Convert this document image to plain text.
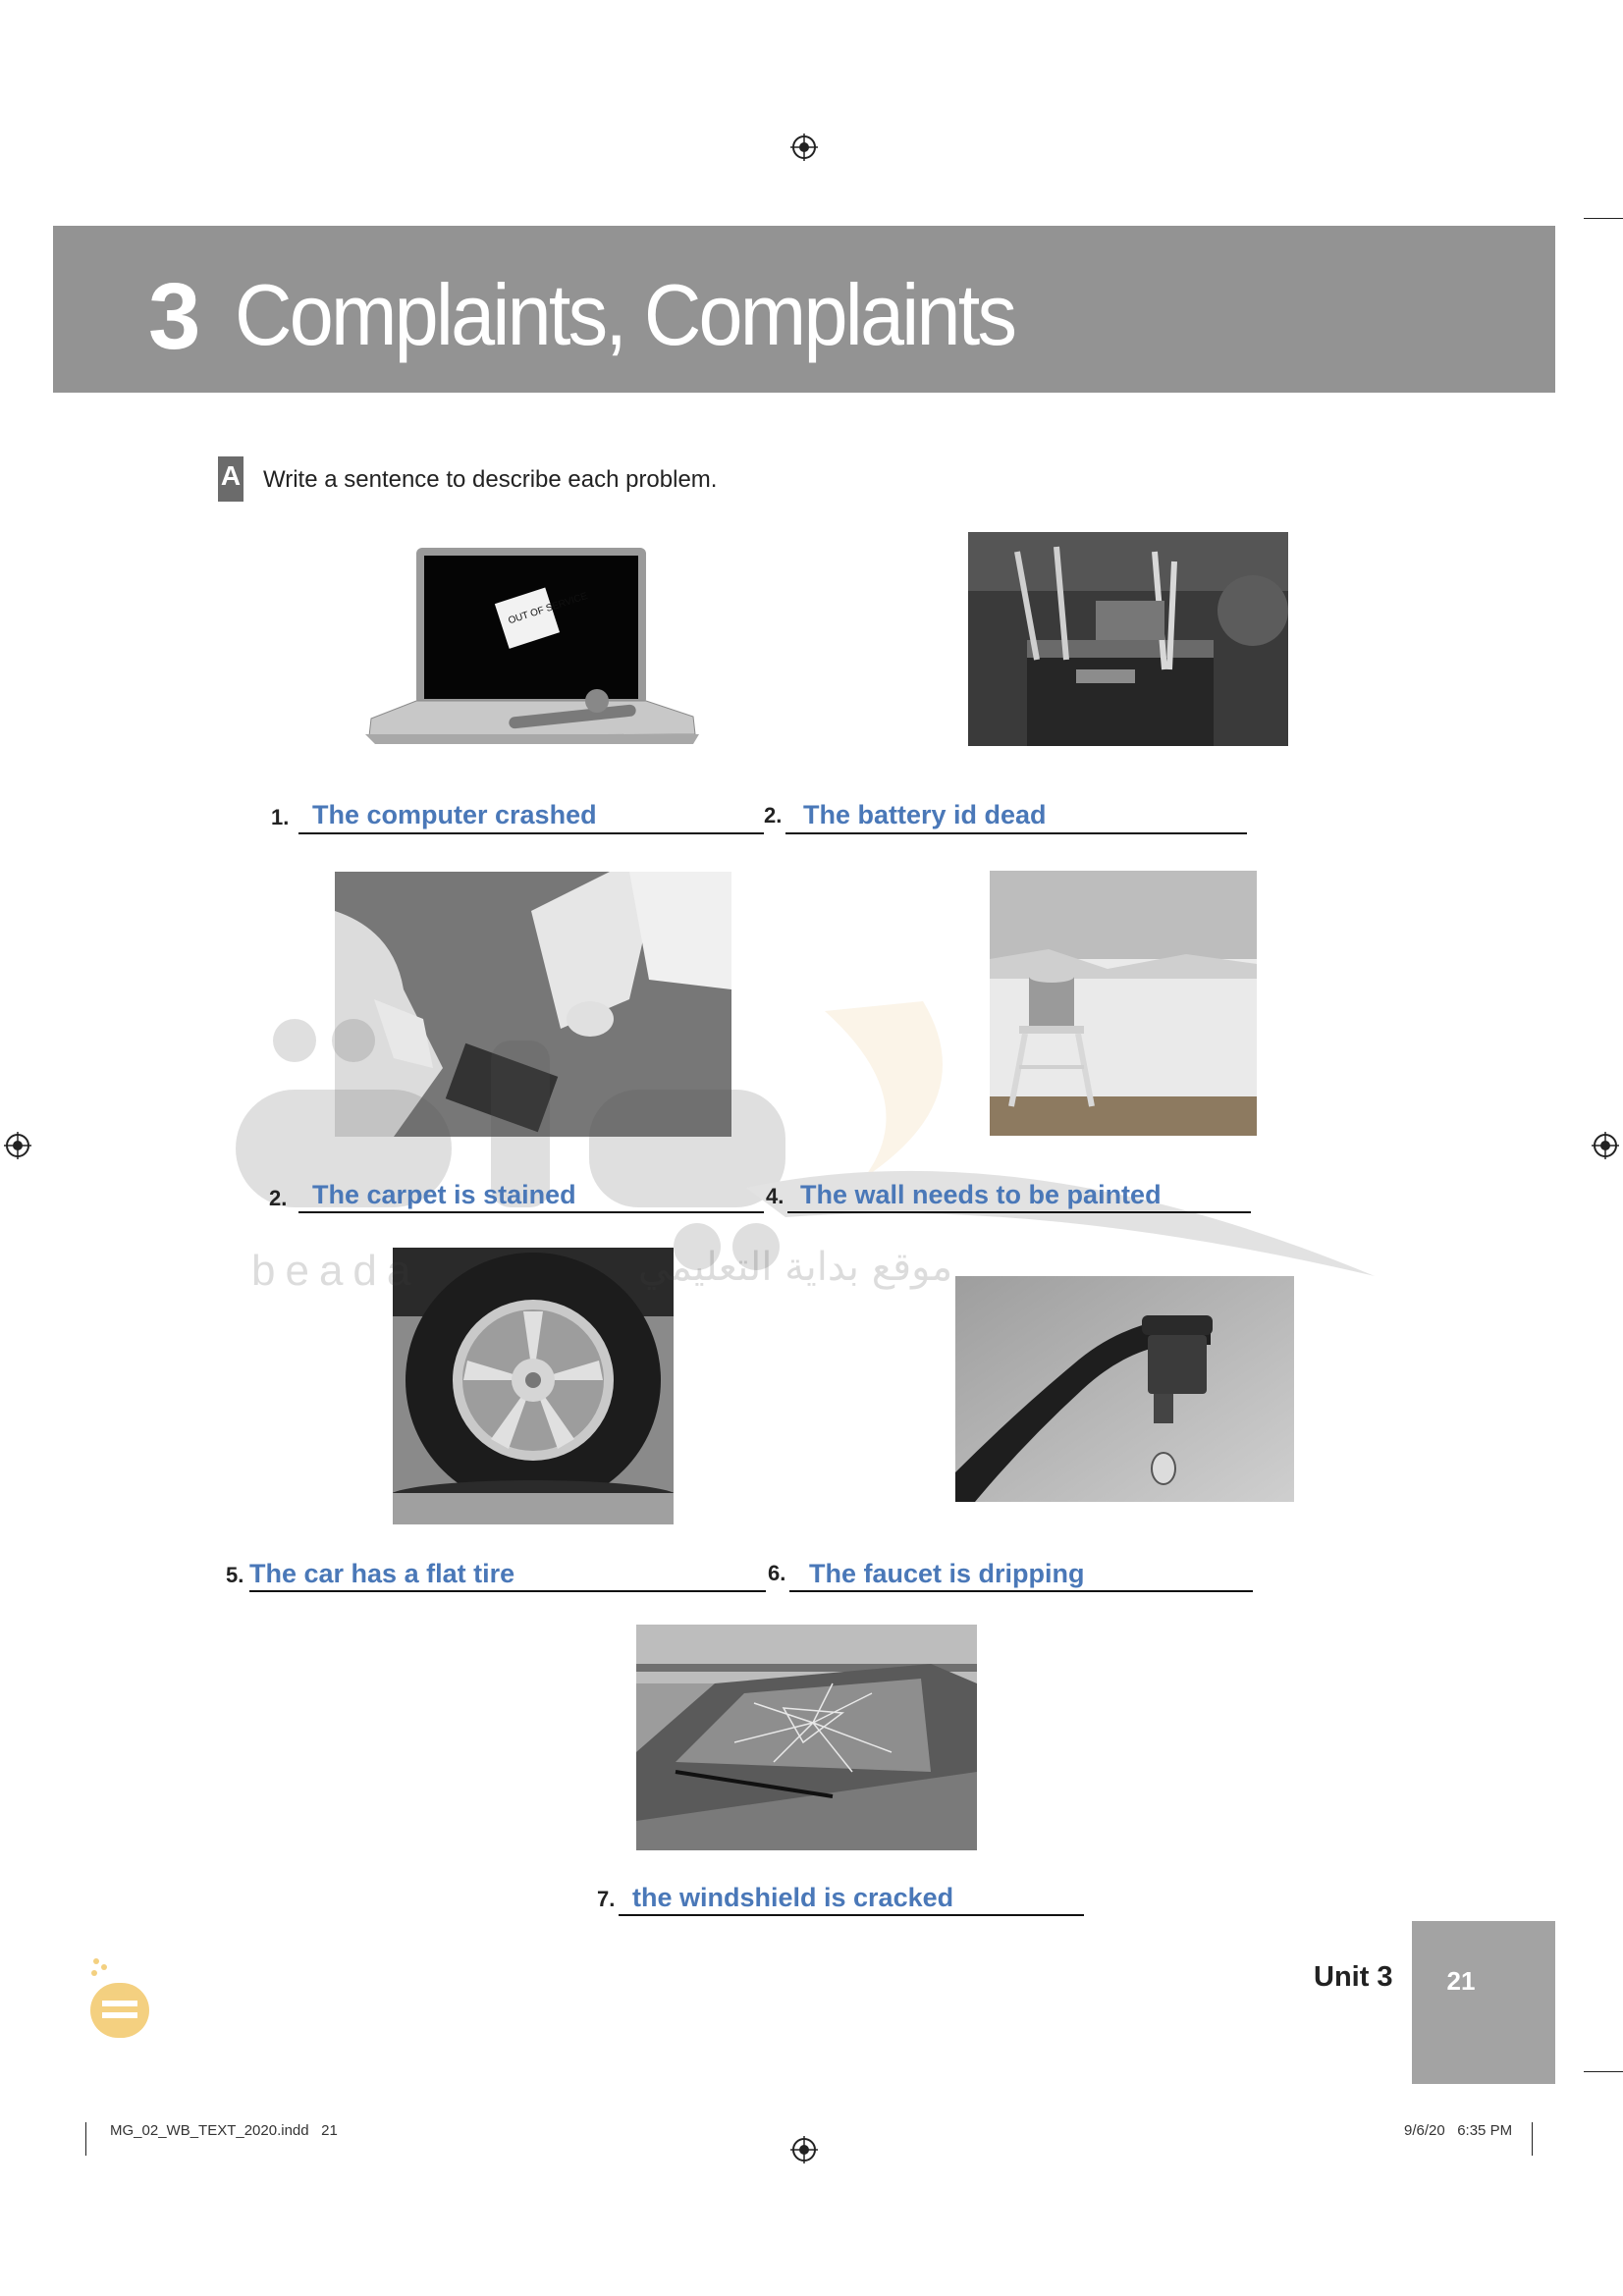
3 Complaints, Complaints
A Write a sentence to describe each problem.
OUT OF SERVICE
beada	موقع بداية التعليمي
1. The computer crashed	2. The battery id dead
2. The carpet is stained	4. The wall needs to be painted
5. The car has a flat tire	6. The faucet is dripping
7. the windshield is cracked
Unit 3	21
MG_02_WB_TEXT_2020.indd   21	9/6/20   6:35 PM
